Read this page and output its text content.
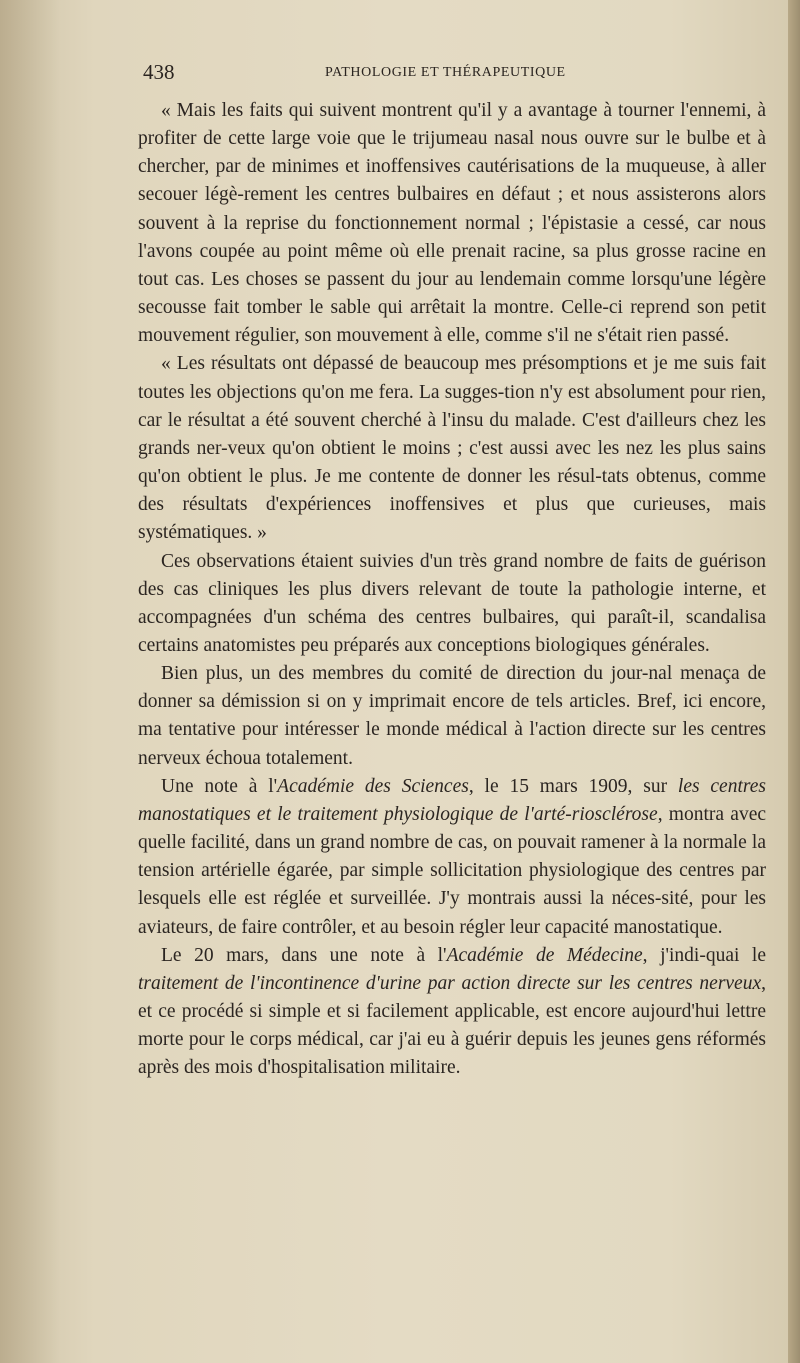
438	PATHOLOGIE ET THÉRAPEUTIQUE

« Mais les faits qui suivent montrent qu'il y a avantage à tourner l'ennemi, à profiter de cette large voie que le trijumeau nasal nous ouvre sur le bulbe et à chercher, par de minimes et inoffensives cautérisations de la muqueuse, à aller secouer légè-rement les centres bulbaires en défaut ; et nous assisterons alors souvent à la reprise du fonctionnement normal ; l'épistasie a cessé, car nous l'avons coupée au point même où elle prenait racine, sa plus grosse racine en tout cas. Les choses se passent du jour au lendemain comme lorsqu'une légère secousse fait tomber le sable qui arrêtait la montre. Celle-ci reprend son petit mouvement régulier, son mouvement à elle, comme s'il ne s'était rien passé.

« Les résultats ont dépassé de beaucoup mes présomptions et je me suis fait toutes les objections qu'on me fera. La sugges-tion n'y est absolument pour rien, car le résultat a été souvent cherché à l'insu du malade. C'est d'ailleurs chez les grands ner-veux qu'on obtient le moins ; c'est aussi avec les nez les plus sains qu'on obtient le plus. Je me contente de donner les résul-tats obtenus, comme des résultats d'expériences inoffensives et plus que curieuses, mais systématiques. »

Ces observations étaient suivies d'un très grand nombre de faits de guérison des cas cliniques les plus divers relevant de toute la pathologie interne, et accompagnées d'un schéma des centres bulbaires, qui paraît-il, scandalisa certains anatomistes peu préparés aux conceptions biologiques générales.

Bien plus, un des membres du comité de direction du jour-nal menaça de donner sa démission si on y imprimait encore de tels articles. Bref, ici encore, ma tentative pour intéresser le monde médical à l'action directe sur les centres nerveux échoua totalement.

Une note à l'Académie des Sciences, le 15 mars 1909, sur les centres manostatiques et le traitement physiologique de l'arté-riosclérose, montra avec quelle facilité, dans un grand nombre de cas, on pouvait ramener à la normale la tension artérielle égarée, par simple sollicitation physiologique des centres par lesquels elle est réglée et surveillée. J'y montrais aussi la néces-sité, pour les aviateurs, de faire contrôler, et au besoin régler leur capacité manostatique.

Le 20 mars, dans une note à l'Académie de Médecine, j'indi-quai le traitement de l'incontinence d'urine par action directe sur les centres nerveux, et ce procédé si simple et si facilement applicable, est encore aujourd'hui lettre morte pour le corps médical, car j'ai eu à guérir depuis les jeunes gens réformés après des mois d'hospitalisation militaire.
